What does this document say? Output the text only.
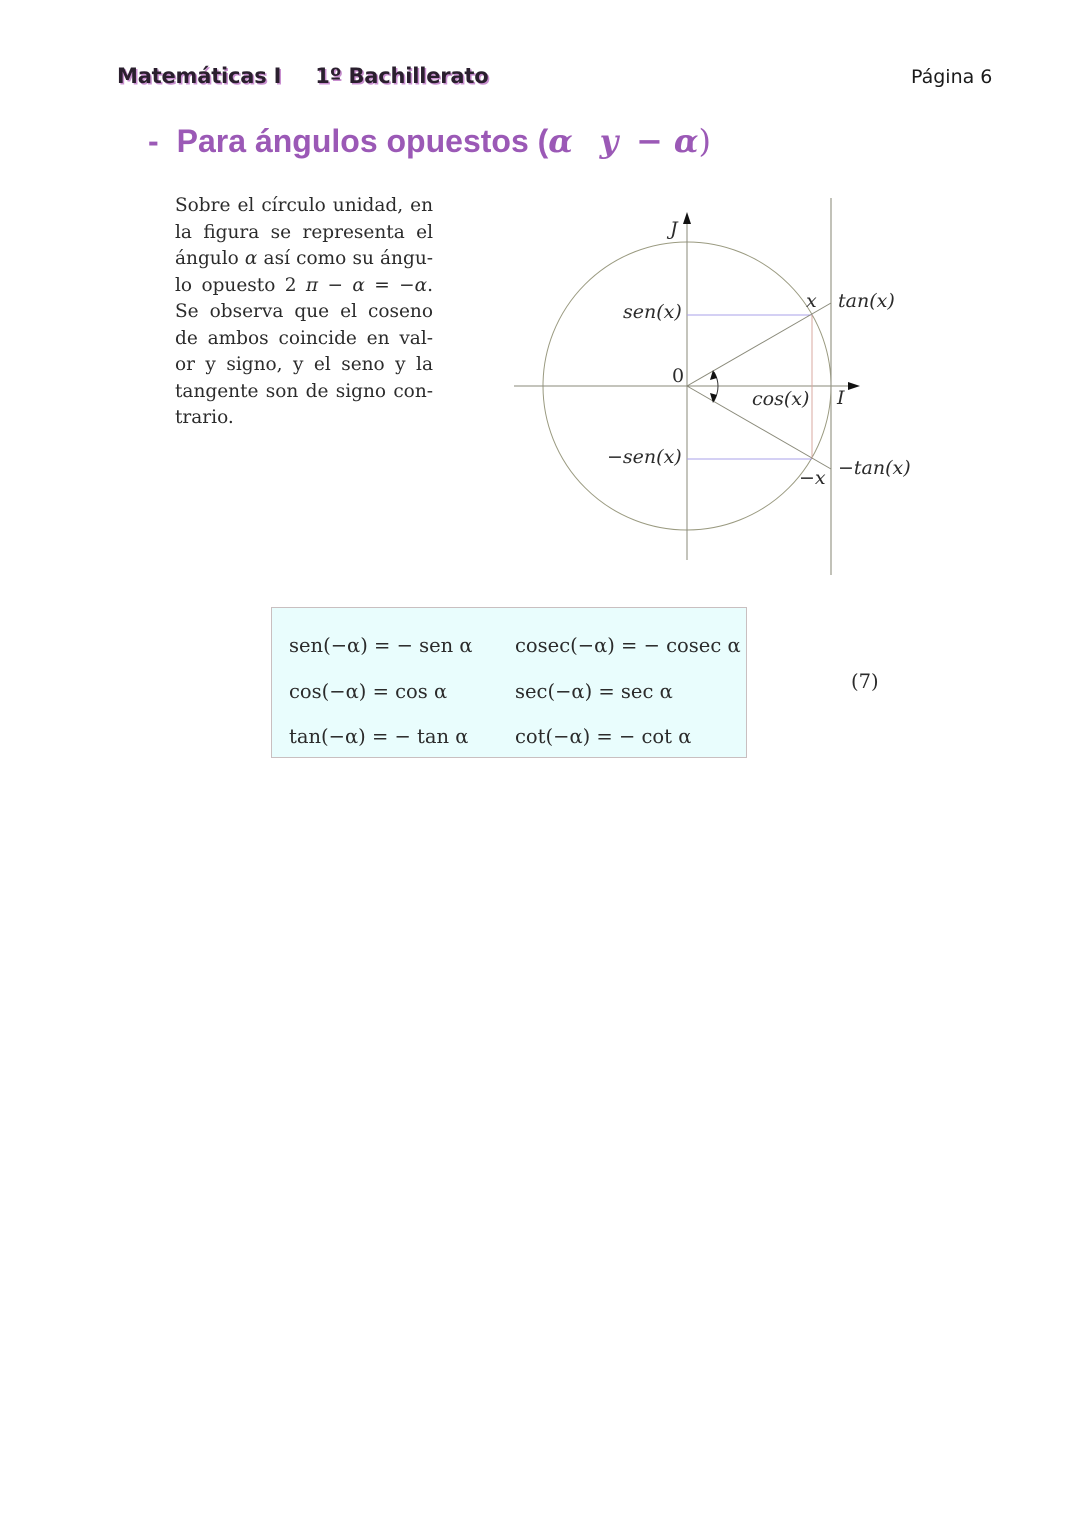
Matemáticas I 1º Bachillerato	Página 6
- Para ángulos opuestos (α y − α)
Sobre el círculo unidad, en la figura se representa el ángulo α así como su ángu- lo opuesto 2 π − α = −α. Se observa que el coseno de ambos coincide en val- or y signo, y el seno y la tangente son de signo con- trario.
J
I
0
sen(x)
−sen(x)
cos(x)
tan(x)
−tan(x)
x
−x
sen(−α) = − sen α cosec(−α) = − cosec α
cos(−α) = cos α	sec(−α) = sec α
tan(−α) = − tan α cot(−α) = − cot α
(7)
